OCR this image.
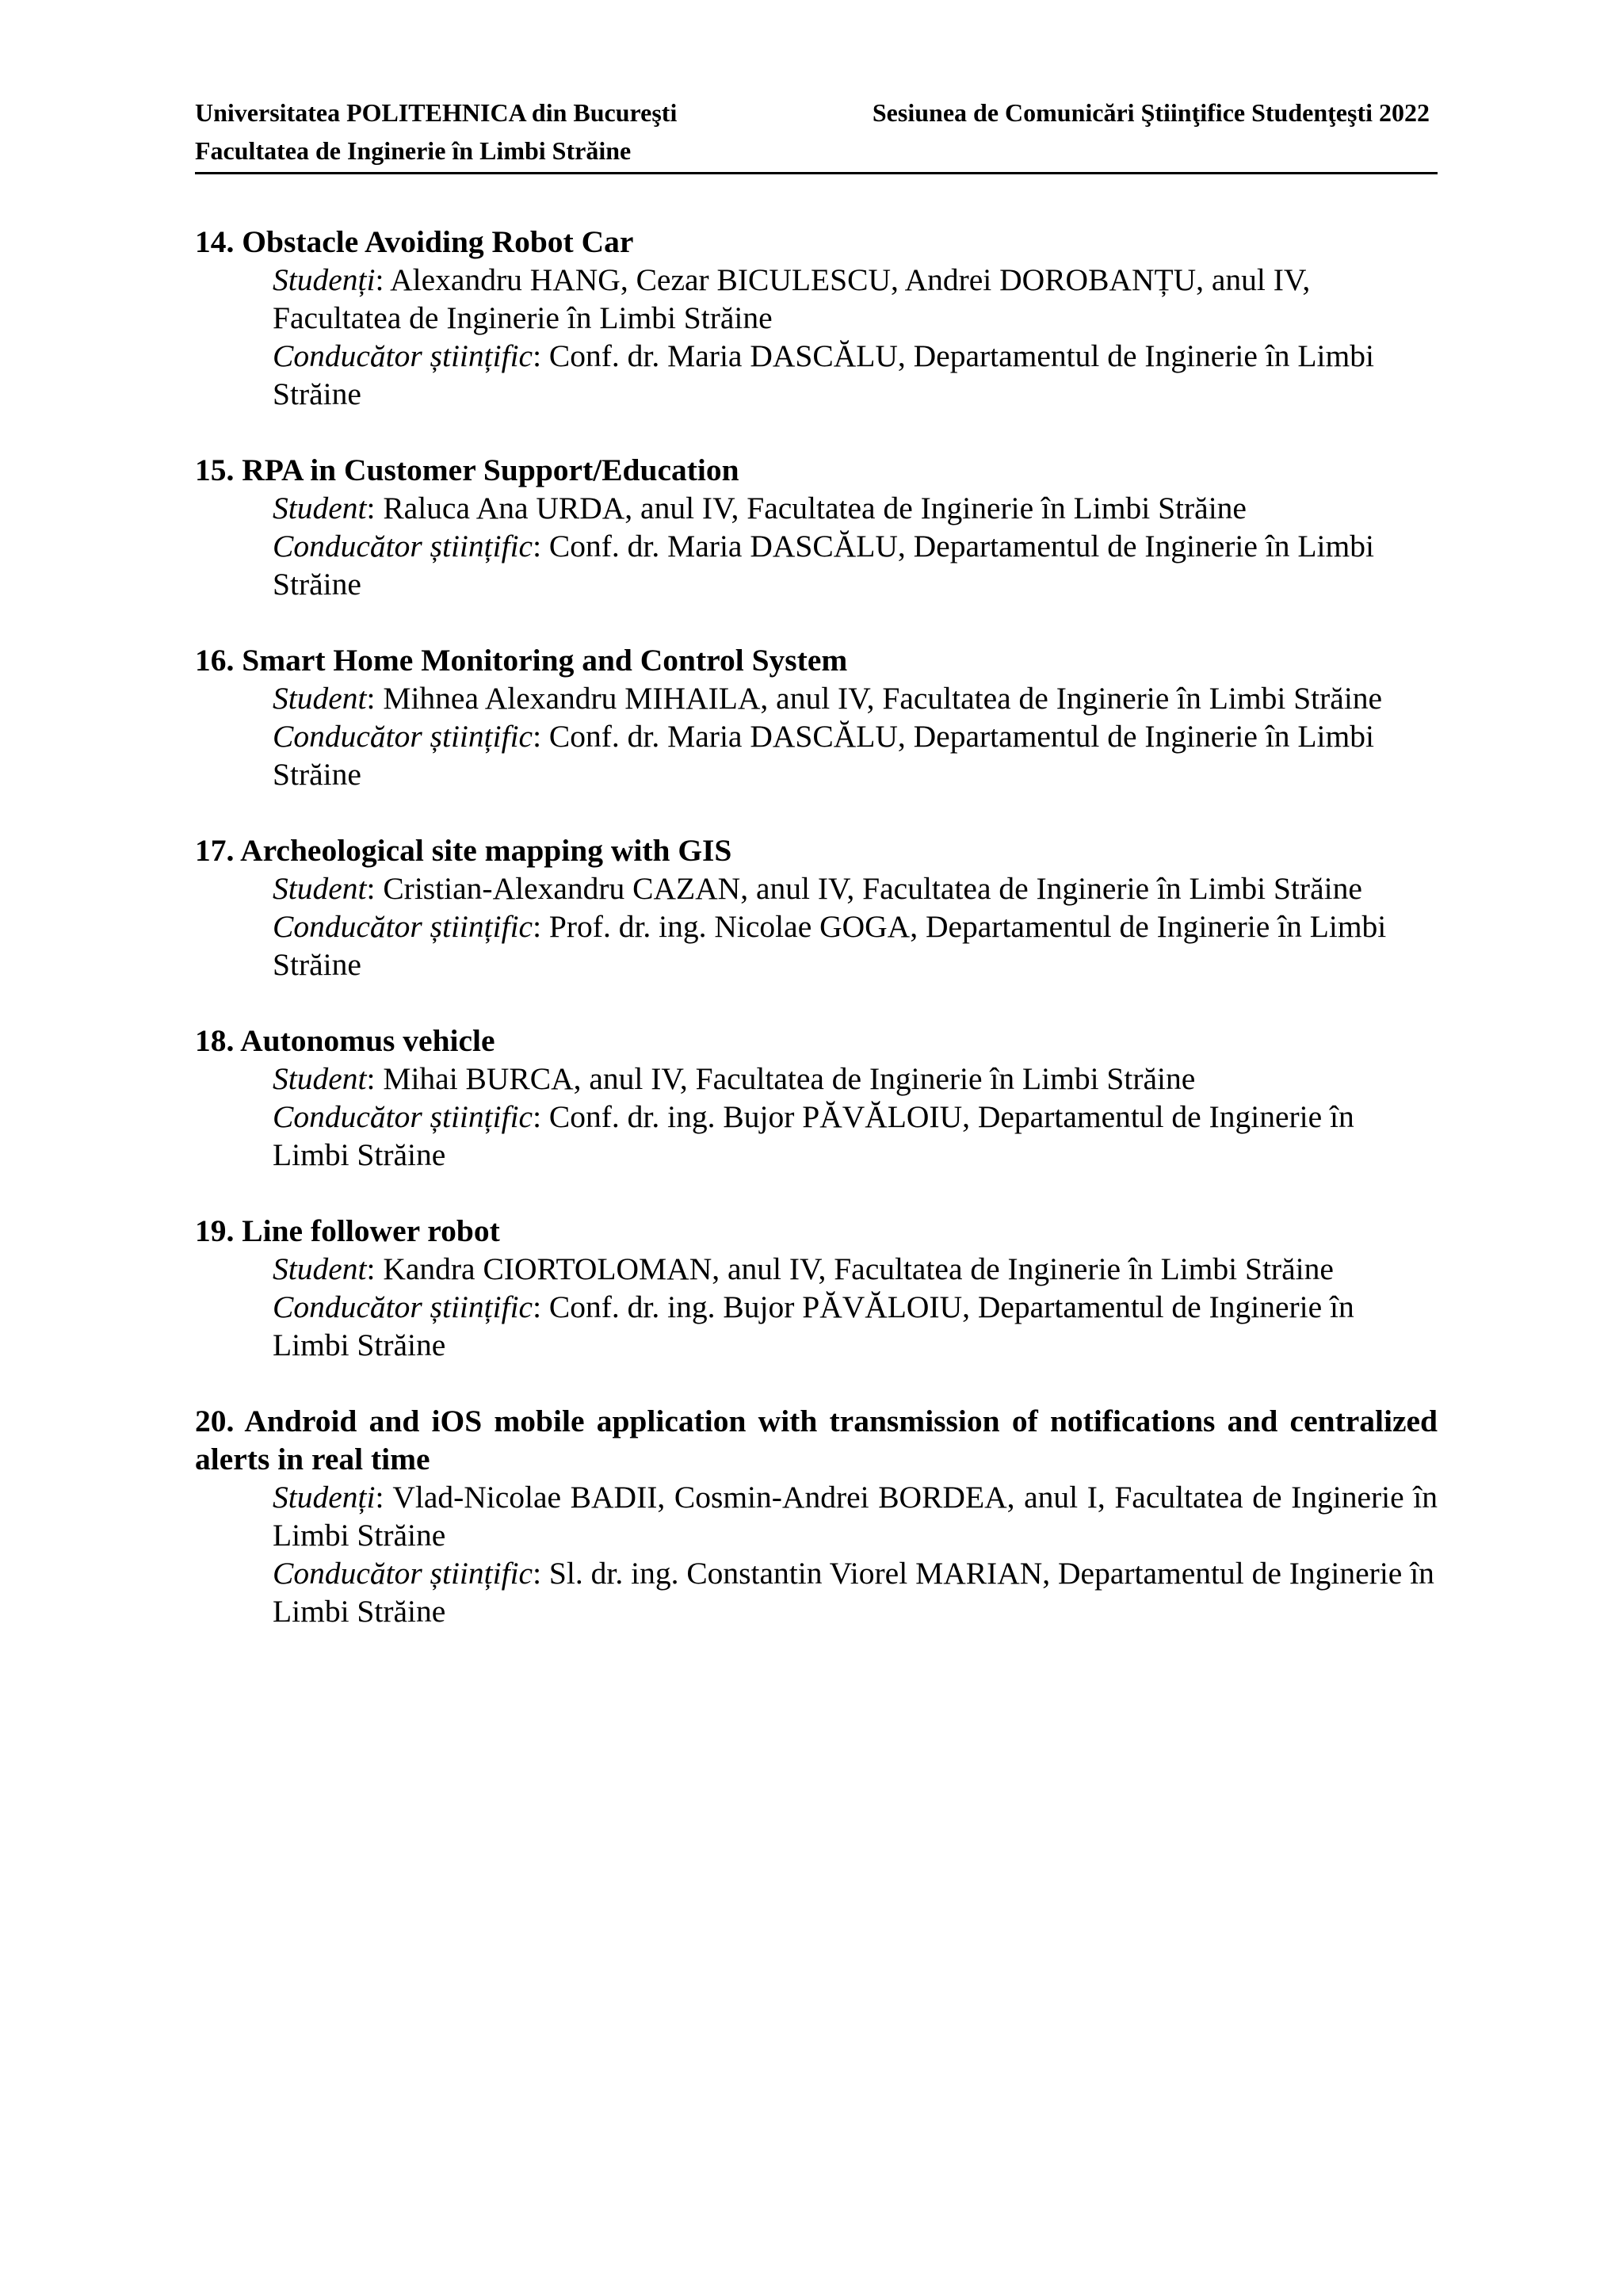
Universitatea POLITEHNICA din Bucureşti
Facultatea de Inginerie în Limbi Străine
Sesiunea de Comunicări Ştiinţifice Studenţeşti 2022
14. Obstacle Avoiding Robot Car
Studenți: Alexandru HANG, Cezar BICULESCU, Andrei DOROBANȚU, anul IV, Facultatea de Inginerie în Limbi Străine
Conducător științific: Conf. dr. Maria DASCĂLU, Departamentul de Inginerie în Limbi Străine
15. RPA in Customer Support/Education
Student: Raluca Ana URDA, anul IV, Facultatea de Inginerie în Limbi Străine
Conducător științific: Conf. dr. Maria DASCĂLU, Departamentul de Inginerie în Limbi Străine
16. Smart Home Monitoring and Control System
Student: Mihnea Alexandru MIHAILA, anul IV, Facultatea de Inginerie în Limbi Străine
Conducător științific: Conf. dr. Maria DASCĂLU, Departamentul de Inginerie în Limbi Străine
17. Archeological site mapping with GIS
Student: Cristian-Alexandru CAZAN, anul IV, Facultatea de Inginerie în Limbi Străine
Conducător științific: Prof. dr. ing. Nicolae GOGA, Departamentul de Inginerie în Limbi Străine
18. Autonomus vehicle
Student: Mihai BURCA, anul IV, Facultatea de Inginerie în Limbi Străine
Conducător științific: Conf. dr. ing. Bujor PĂVĂLOIU, Departamentul de Inginerie în Limbi Străine
19. Line follower robot
Student: Kandra CIORTOLOMAN, anul IV, Facultatea de Inginerie în Limbi Străine
Conducător științific: Conf. dr. ing. Bujor PĂVĂLOIU, Departamentul de Inginerie în Limbi Străine
20. Android and iOS mobile application with transmission of notifications and centralized alerts in real time
Studenți: Vlad-Nicolae BADII, Cosmin-Andrei BORDEA, anul I, Facultatea de Inginerie în Limbi Străine
Conducător științific: Sl. dr. ing. Constantin Viorel MARIAN, Departamentul de Inginerie în Limbi Străine
